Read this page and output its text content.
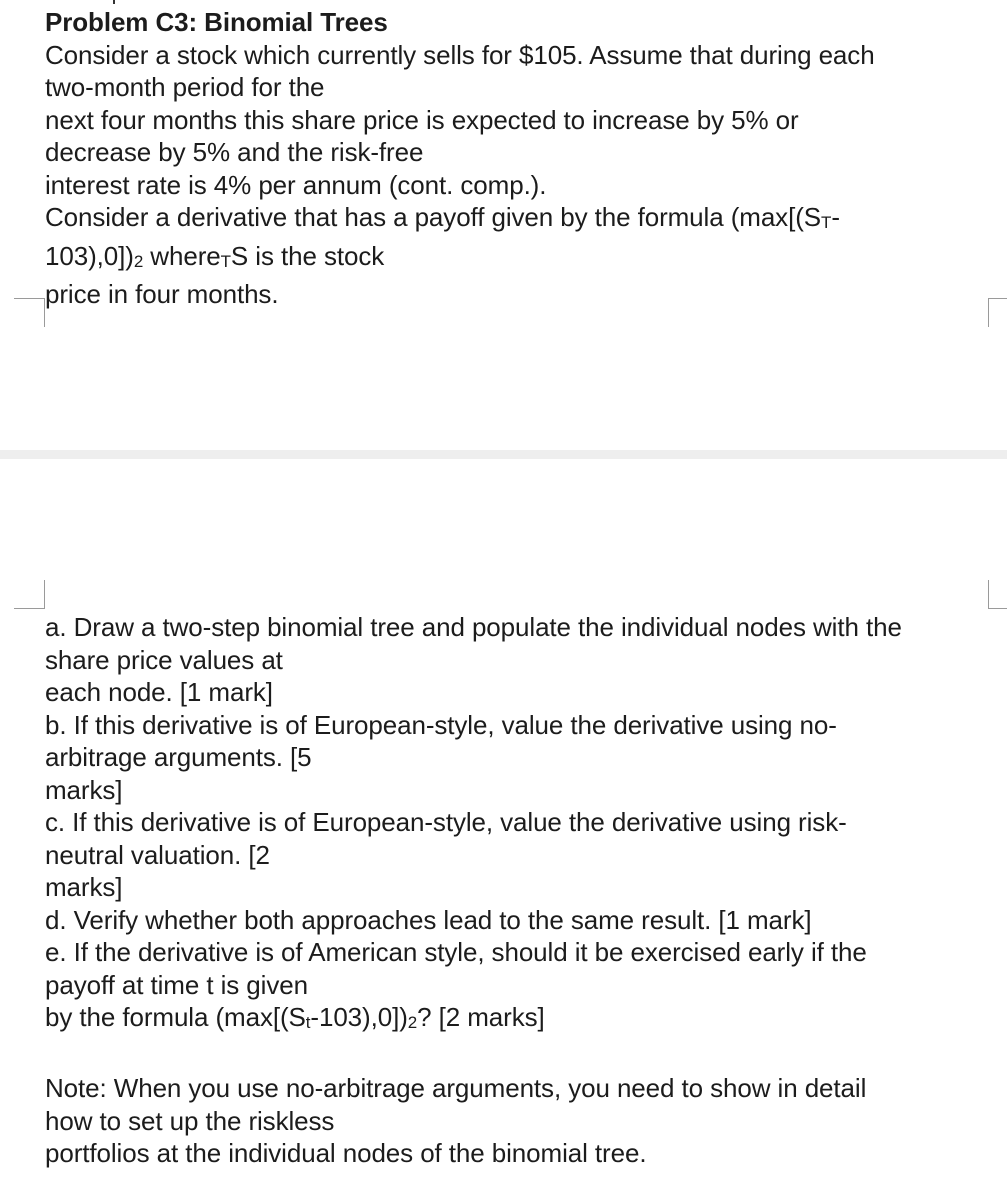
Problem C3: Binomial Trees
Consider a stock which currently sells for $105. Assume that during each
two-month period for the
next four months this share price is expected to increase by 5% or
decrease by 5% and the risk-free
interest rate is 4% per annum (cont. comp.).
Consider a derivative that has a payoff given by the formula (max[(ST-
103),0])2 whereTS is the stock
price in four months.
a. Draw a two-step binomial tree and populate the individual nodes with the
share price values at
each node. [1 mark]
b. If this derivative is of European-style, value the derivative using no-
arbitrage arguments. [5
marks]
c. If this derivative is of European-style, value the derivative using risk-
neutral valuation. [2
marks]
d. Verify whether both approaches lead to the same result. [1 mark]
e. If the derivative is of American style, should it be exercised early if the
payoff at time t is given
by the formula (max[(St-103),0])2? [2 marks]
Note: When you use no-arbitrage arguments, you need to show in detail
how to set up the riskless
portfolios at the individual nodes of the binomial tree.
